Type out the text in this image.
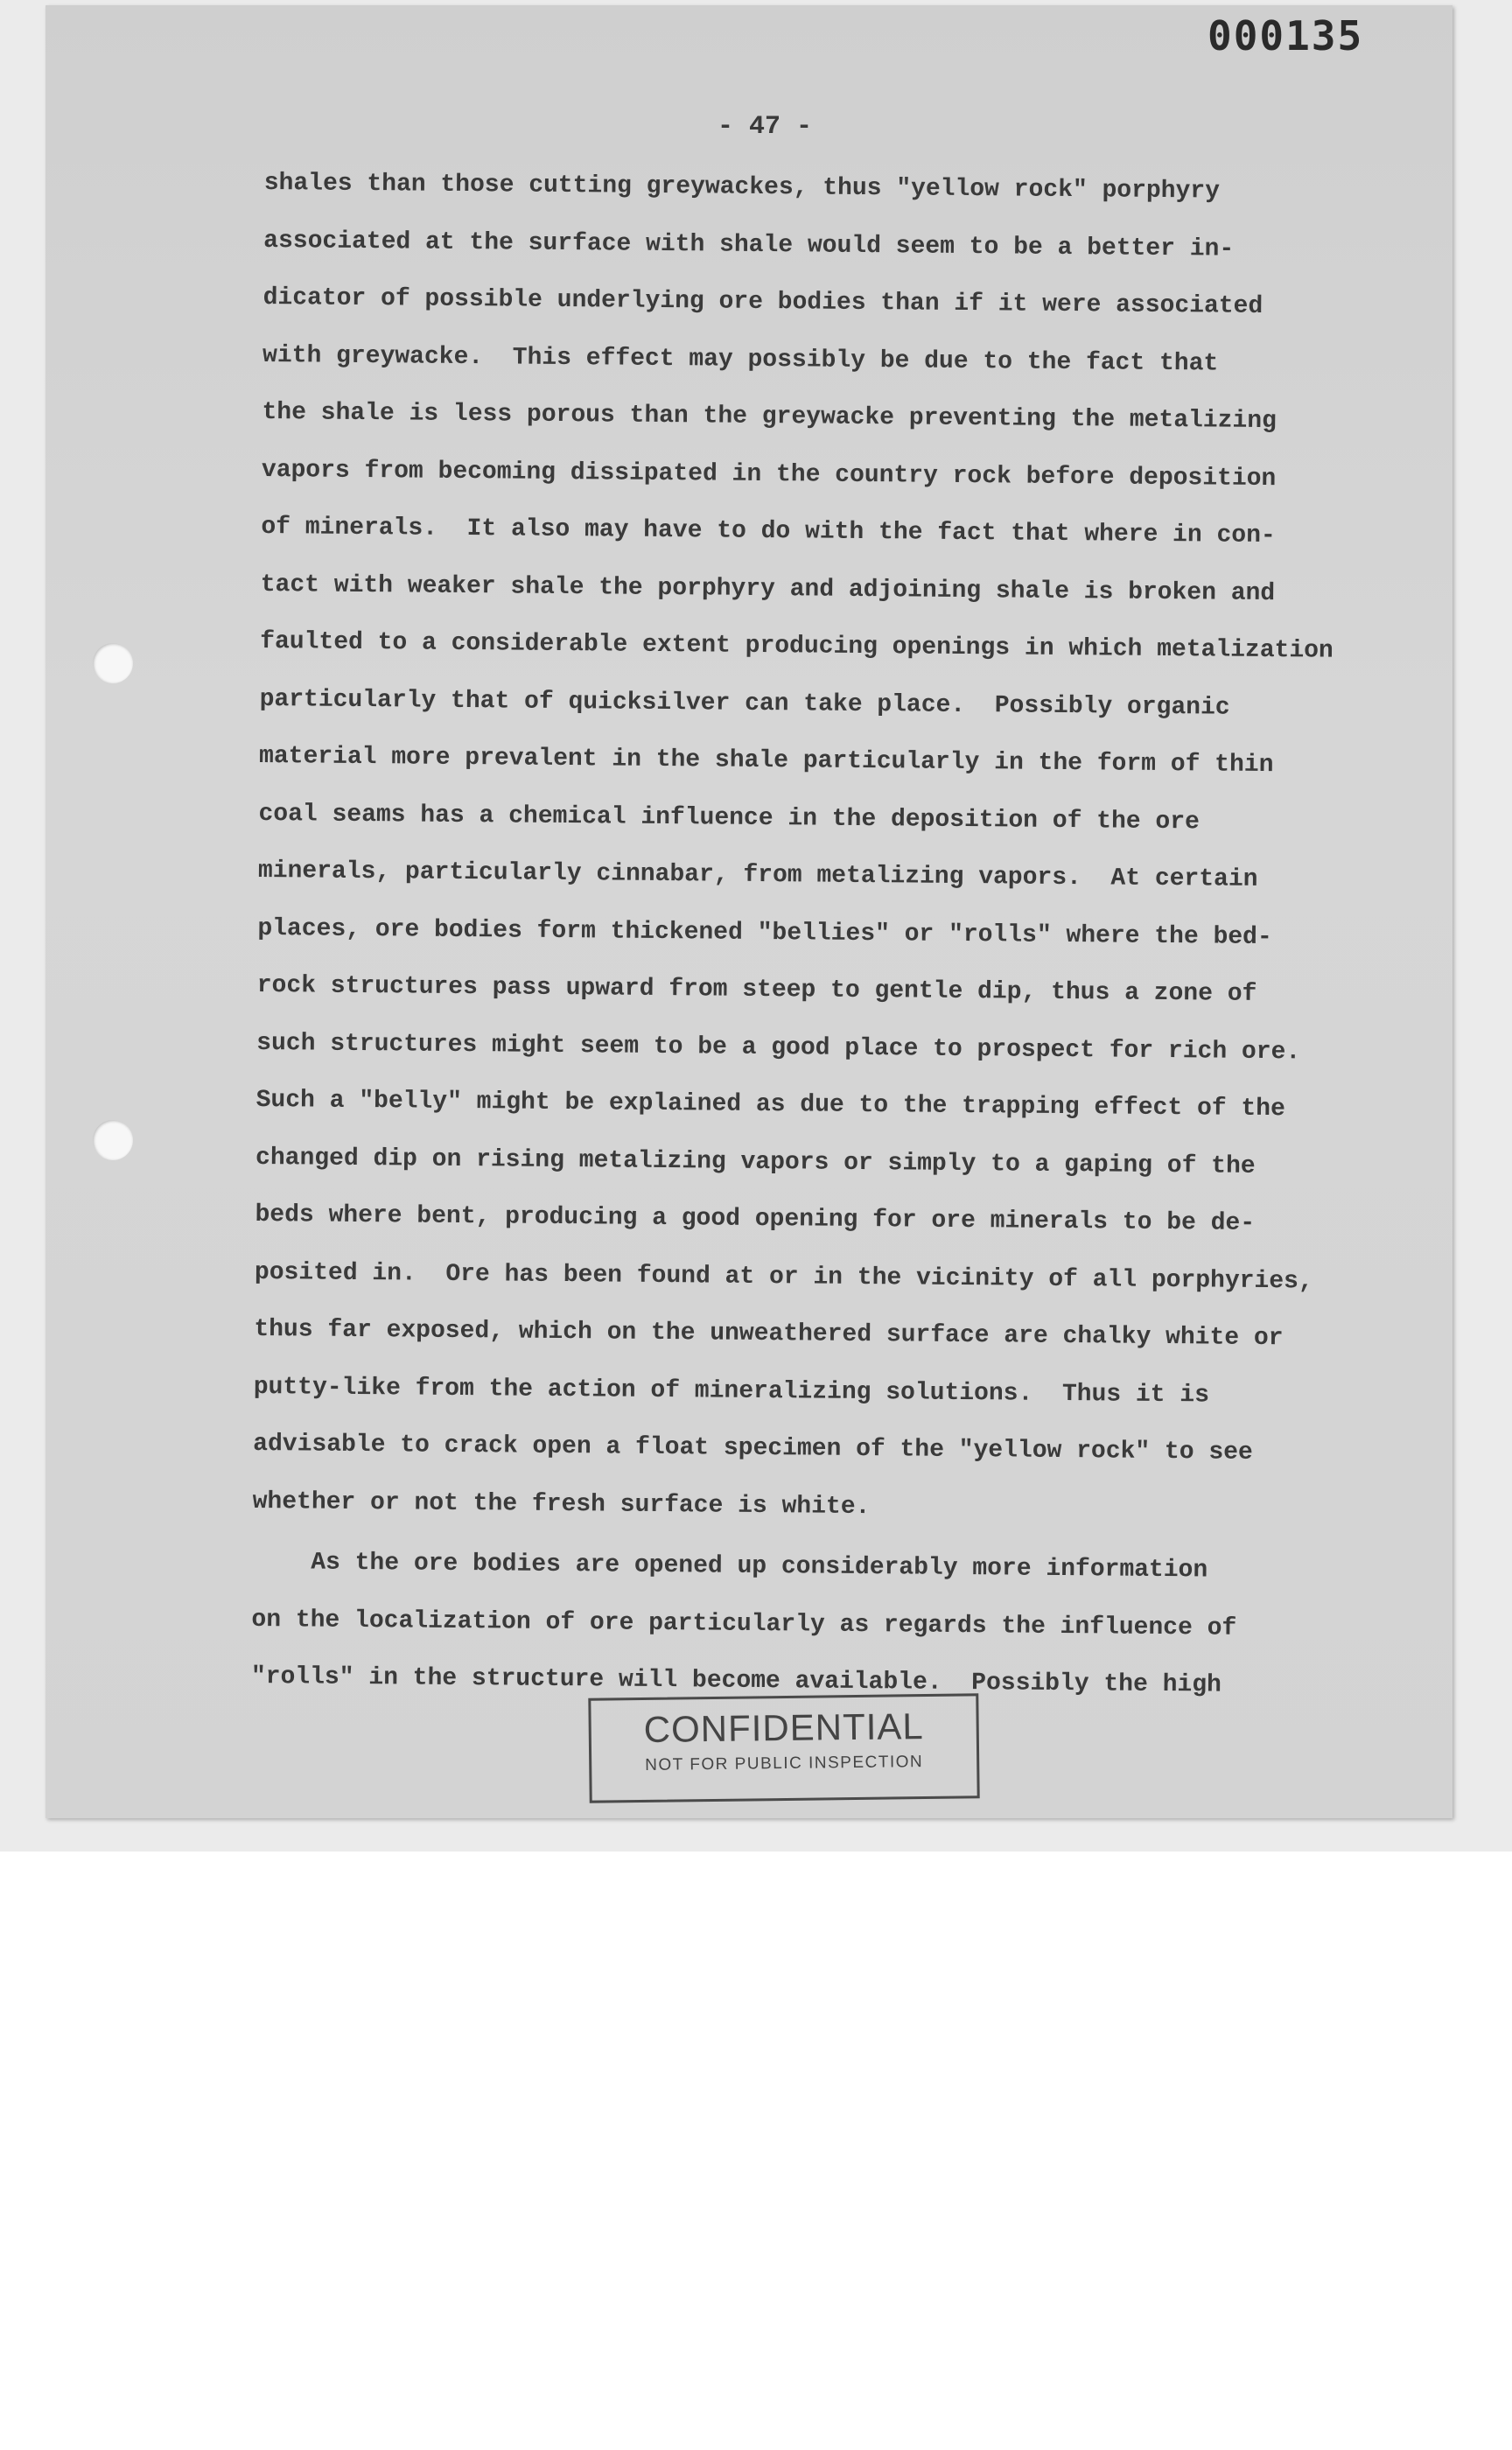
000135
- 47 -
shales than those cutting greywackes, thus "yellow rock" porphyry
associated at the surface with shale would seem to be a better in-
dicator of possible underlying ore bodies than if it were associated
with greywacke.  This effect may possibly be due to the fact that
the shale is less porous than the greywacke preventing the metalizing
vapors from becoming dissipated in the country rock before deposition
of minerals.  It also may have to do with the fact that where in con-
tact with weaker shale the porphyry and adjoining shale is broken and
faulted to a considerable extent producing openings in which metalization
particularly that of quicksilver can take place.  Possibly organic
material more prevalent in the shale particularly in the form of thin
coal seams has a chemical influence in the deposition of the ore
minerals, particularly cinnabar, from metalizing vapors.  At certain
places, ore bodies form thickened "bellies" or "rolls" where the bed-
rock structures pass upward from steep to gentle dip, thus a zone of
such structures might seem to be a good place to prospect for rich ore.
Such a "belly" might be explained as due to the trapping effect of the
changed dip on rising metalizing vapors or simply to a gaping of the
beds where bent, producing a good opening for ore minerals to be de-
posited in.  Ore has been found at or in the vicinity of all porphyries,
thus far exposed, which on the unweathered surface are chalky white or
putty-like from the action of mineralizing solutions.  Thus it is
advisable to crack open a float specimen of the "yellow rock" to see
whether or not the fresh surface is white.
As the ore bodies are opened up considerably more information
on the localization of ore particularly as regards the influence of
"rolls" in the structure will become available.  Possibly the high
CONFIDENTIAL
NOT FOR PUBLIC INSPECTION
